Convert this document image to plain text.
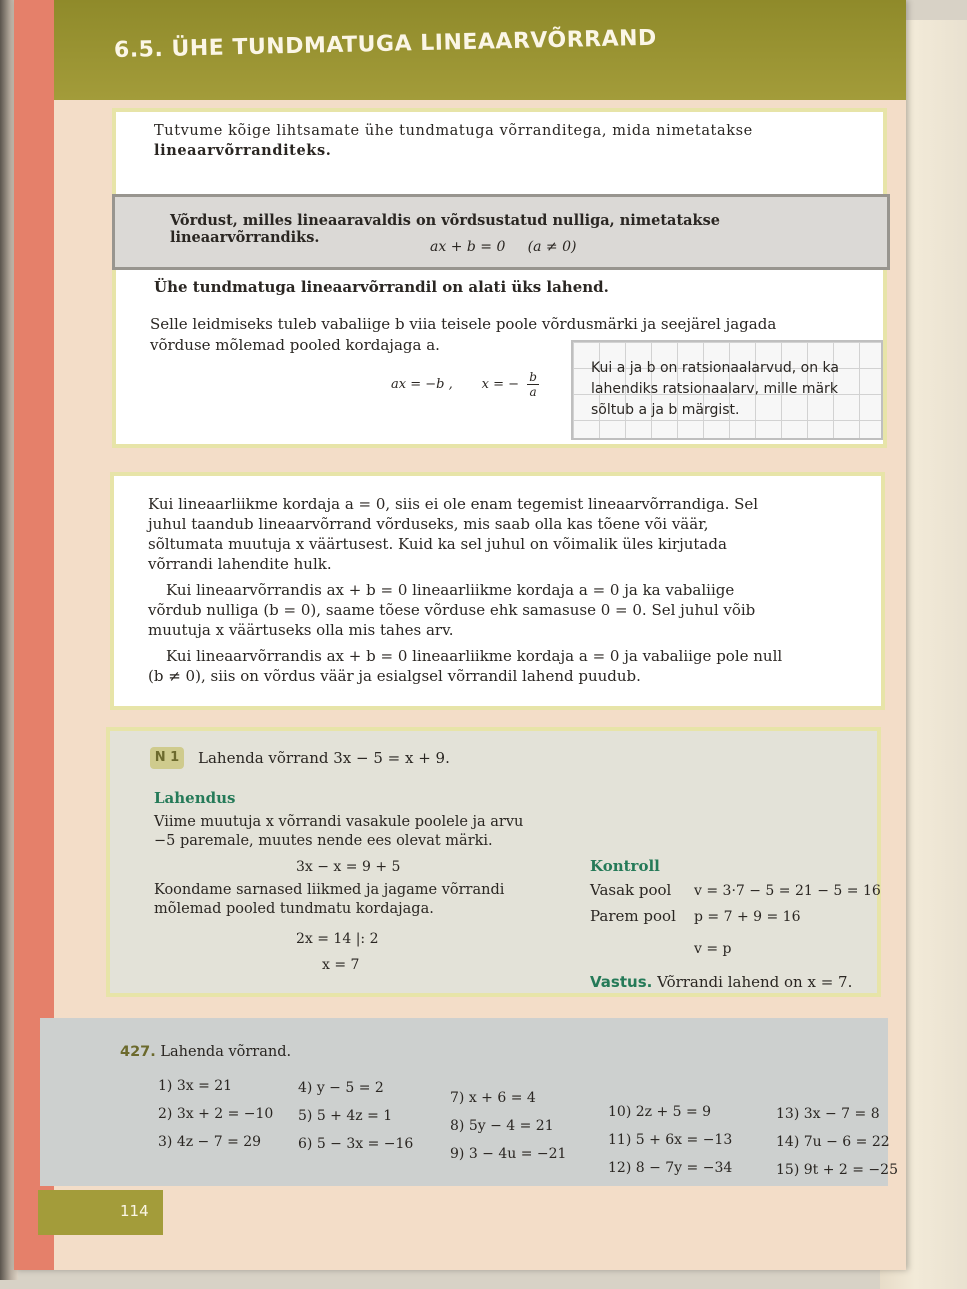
6.5. ÜHE TUNDMATUGA LINEAARVÕRRAND
Tutvume kõige lihtsamate ühe tundmatuga võrranditega, mida nimetatakse
lineaarvõrranditeks.
Võrdust, milles lineaaravaldis on võrdsustatud nulliga, nimetatakse lineaarvõrrandiks.
ax + b = 0 (a ≠ 0)
Ühe tundmatuga lineaarvõrrandil on alati üks lahend.
Selle leidmiseks tuleb vabaliige b viia teisele poole võrdusmärki ja seejärel jagada võrduse mõlemad pooled kordajaga a.
ax = −b , x = − $\frac{b}{a}$
Kui a ja b on ratsionaalarvud, on ka lahendiks ratsionaalarv, mille märk sõltub a ja b märgist.

Kui lineaarliikme kordaja a = 0, siis ei ole enam tegemist lineaarvõrrandiga. Sel juhul taandub lineaarvõrrand võrduseks, mis saab olla kas tõene või väär, sõltumata muutuja x väärtusest. Kuid ka sel juhul on võimalik üles kirjutada võrrandi lahendite hulk.

Kui lineaarvõrrandis ax + b = 0 lineaarliikme kordaja a = 0 ja ka vabaliige võrdub nulliga (b = 0), saame tõese võrduse ehk samasuse 0 = 0. Sel juhul võib muutuja x väärtuseks olla mis tahes arv.

Kui lineaarvõrrandis ax + b = 0 lineaarliikme kordaja a = 0 ja vabaliige pole null (b ≠ 0), siis on võrdus väär ja esialgsel võrrandil lahend puudub.

N 1	Lahenda võrrand 3x − 5 = x + 9.
Lahendus
Viime muutuja x võrrandi vasakule poolele ja arvu −5 paremale, muutes nende ees olevat märki.
3x − x = 9 + 5
Koondame sarnased liikmed ja jagame võrrandi mõlemad pooled tundmatu kordajaga.
2x = 14 |: 2
x = 7
Kontroll
Vasak pool v = 3·7 − 5 = 21 − 5 = 16
Parem pool p = 7 + 9 = 16
v = p
Vastus. Võrrandi lahend on x = 7.
427. Lahenda võrrand.
1) 3x = 21
2) 3x + 2 = −10
3) 4z − 7 = 29
4) y − 5 = 2
5) 5 + 4z = 1
6) 5 − 3x = −16
7) x + 6 = 4
8) 5y − 4 = 21
9) 3 − 4u = −21
10) 2z + 5 = 9
11) 5 + 6x = −13
12) 8 − 7y = −34
13) 3x − 7 = 8
14) 7u − 6 = 22
15) 9t + 2 = −25
114
